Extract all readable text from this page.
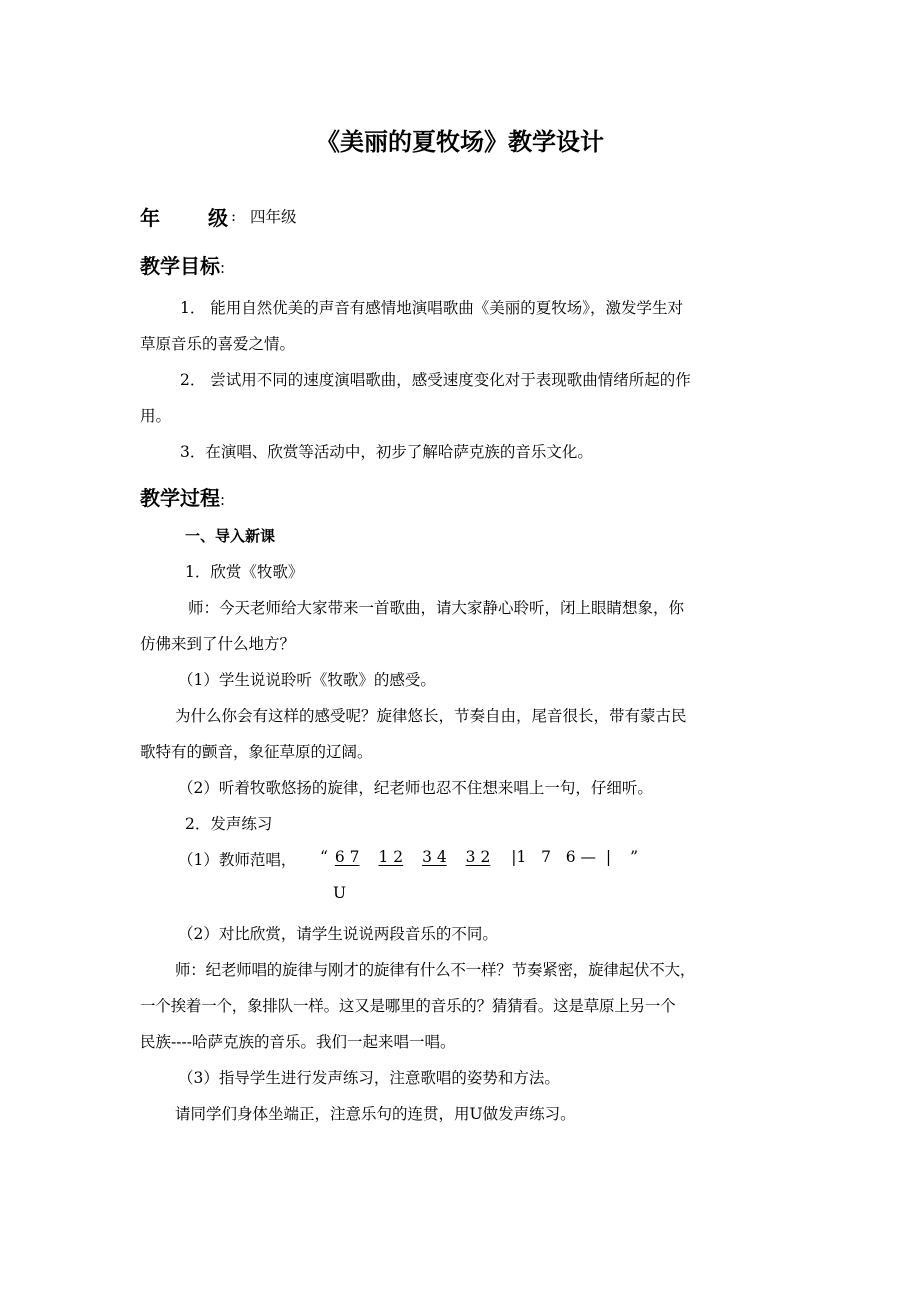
《美丽的夏牧场》教学设计
年 级 : 四年级
教学目标:
1． 能用自然优美的声音有感情地演唱歌曲《美丽的夏牧场》，激发学生对
草原音乐的喜爱之情。
2． 尝试用不同的速度演唱歌曲，感受速度变化对于表现歌曲情绪所起的作
用。
3．在演唱、欣赏等活动中，初步了解哈萨克族的音乐文化。
教学过程:
一、导入新课
1．欣赏《牧歌》
师：今天老师给大家带来一首歌曲，请大家静心聆听，闭上眼睛想象，你
仿佛来到了什么地方？
（1）学生说说聆听《牧歌》的感受。
为什么你会有这样的感受呢？旋律悠长，节奏自由，尾音很长，带有蒙古民
歌特有的颤音，象征草原的辽阔。
（2）听着牧歌悠扬的旋律，纪老师也忍不住想来唱上一句，仔细听。
2．发声练习
（1）教师范唱， “ 6 7 1 2 3 4 3 2 |1   7   6 —  | ”
U
（2）对比欣赏，请学生说说两段音乐的不同。
师：纪老师唱的旋律与刚才的旋律有什么不一样？节奏紧密，旋律起伏不大，
一个挨着一个，象排队一样。这又是哪里的音乐的？猜猜看。这是草原上另一个
民族----哈萨克族的音乐。我们一起来唱一唱。
（3）指导学生进行发声练习，注意歌唱的姿势和方法。
请同学们身体坐端正，注意乐句的连贯，用U做发声练习。
